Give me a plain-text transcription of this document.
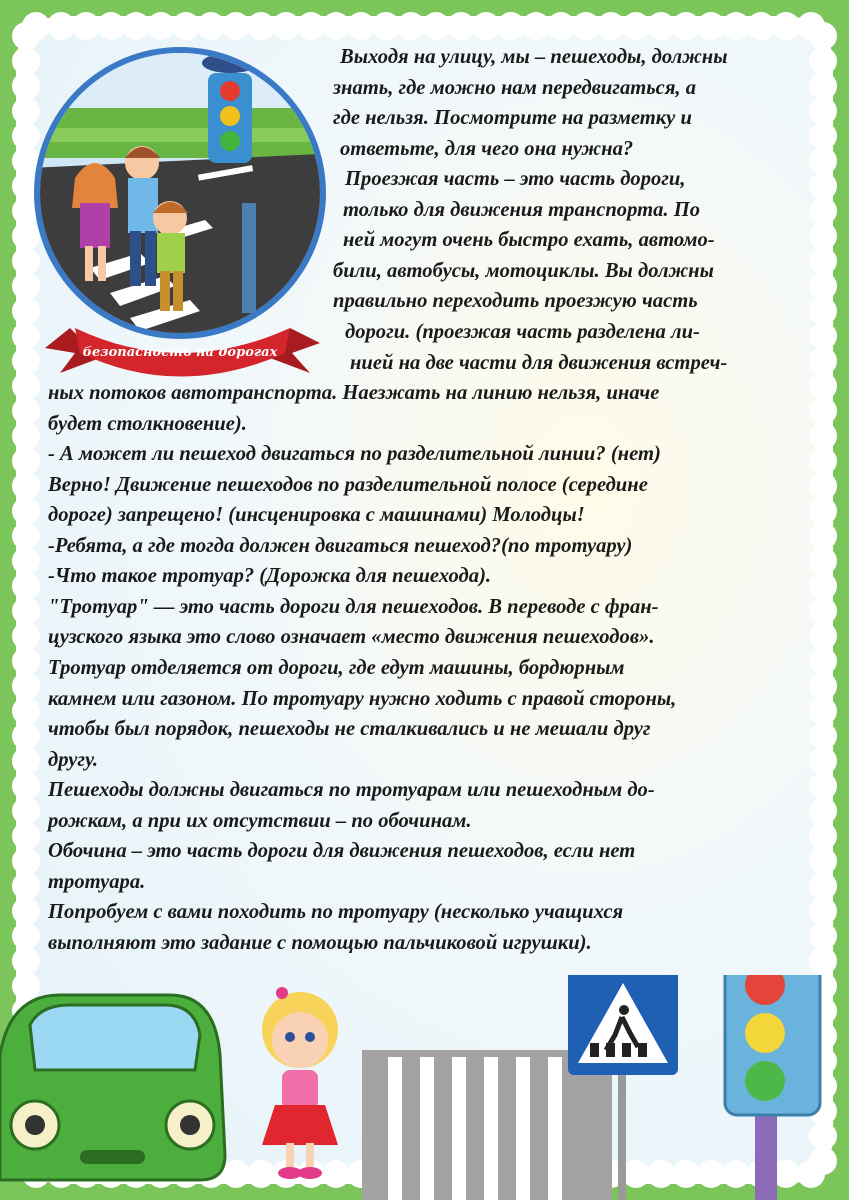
безопасность на дорогах
Выходя на улицу, мы – пешеходы, должны
знать, где можно нам передвигаться, а
где нельзя. Посмотрите на разметку и
ответьте, для чего она нужна?
Проезжая часть – это часть дороги,
только для движения транспорта. По
ней могут очень быстро ехать, автомо-
били, автобусы, мотоциклы. Вы должны
правильно переходить проезжую часть
дороги. (проезжая часть разделена ли-
нией на две части для движения встреч-
ных потоков автотранспорта. Наезжать на линию нельзя, иначе
будет столкновение).
- А может ли пешеход двигаться по разделительной линии? (нет)
Верно! Движение пешеходов по разделительной полосе (середине
дороге) запрещено! (инсценировка с машинами) Молодцы!
-Ребята, а где тогда должен двигаться пешеход?(по тротуару)
-Что такое тротуар? (Дорожка для пешехода).
"Тротуар" — это часть дороги для пешеходов. В переводе с фран-
цузского языка это слово означает «место движения пешеходов».
Тротуар отделяется от дороги, где едут машины, бордюрным
камнем или газоном. По тротуару нужно ходить с правой стороны,
чтобы был порядок, пешеходы не сталкивались и не мешали друг
другу.
Пешеходы должны двигаться по тротуарам или пешеходным до-
рожкам, а при их отсутствии – по обочинам.
Обочина – это часть дороги для движения пешеходов, если нет
тротуара.
Попробуем с вами походить по тротуару (несколько учащихся
выполняют это задание с помощью пальчиковой игрушки).
